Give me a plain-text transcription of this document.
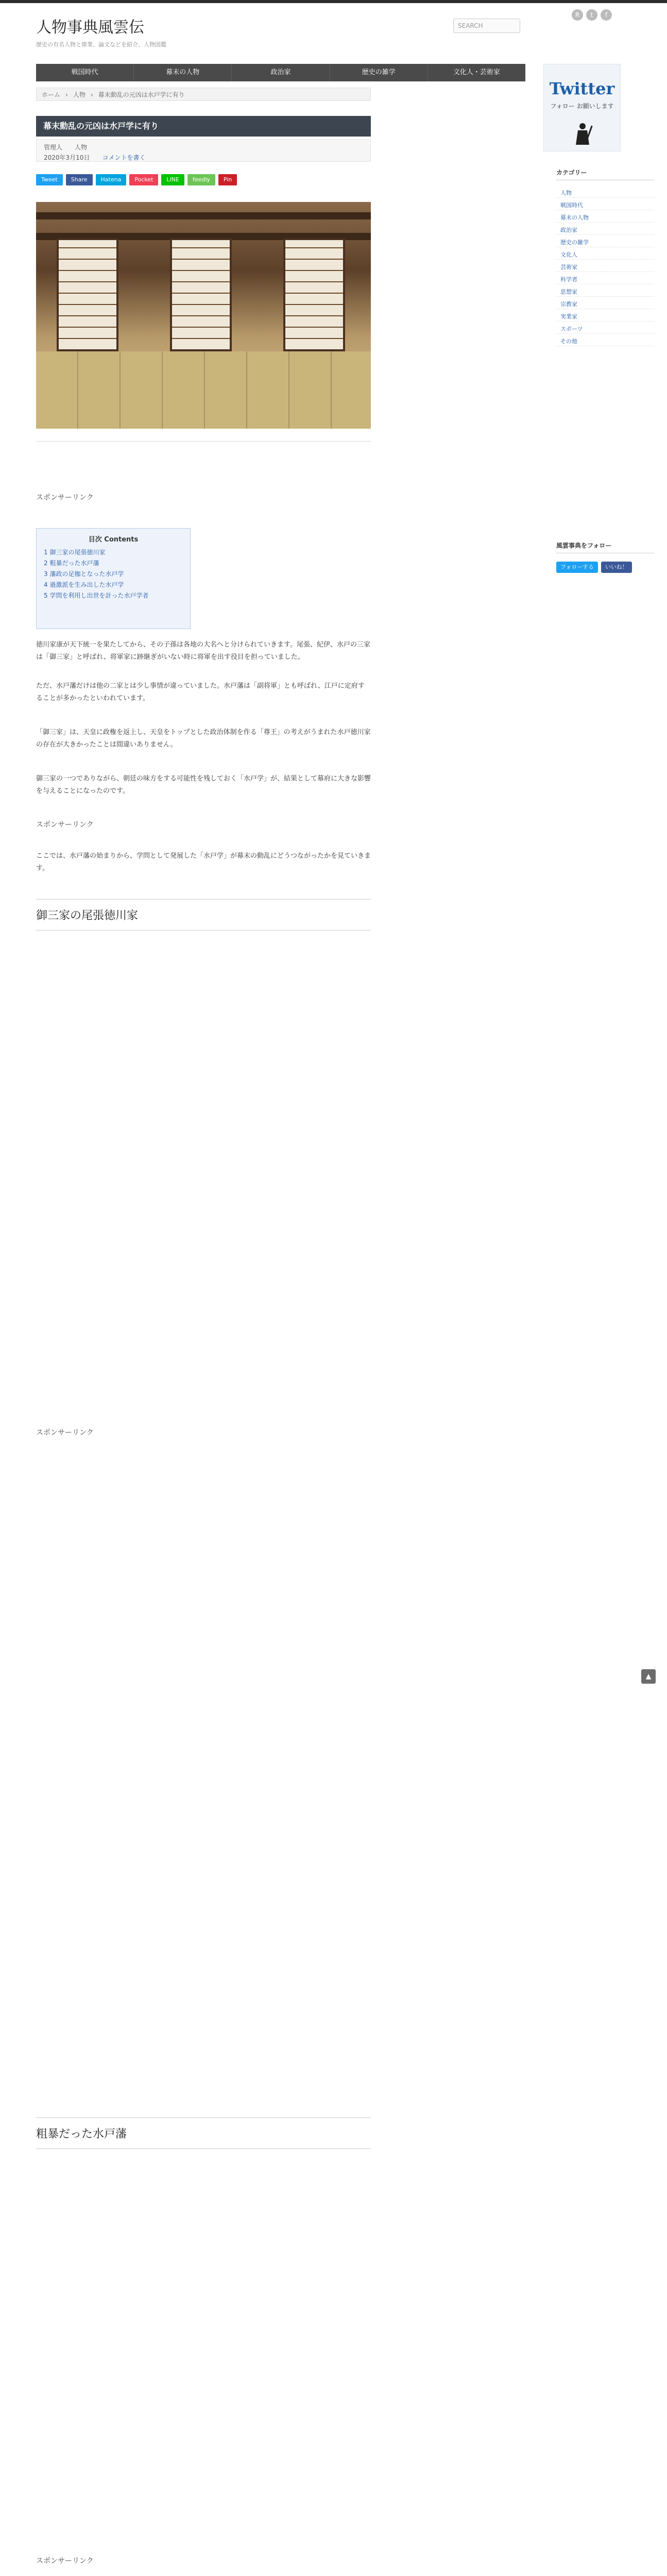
人物事典風雲伝
歴史の有名人物と偉業、論文などを紹介、人物図鑑
SEARCH
R	t	f
戦国時代	幕末の人物	政治家	歴史の雑学	文化人・芸術家
Twitter
フォロー お願いします
ホーム › 人物 › 幕末動乱の元凶は水戸学に有り
幕末動乱の元凶は水戸学に有り
管理人 人物
2020年3月10日 コメントを書く
Tweet	Share	Hatena	Pocket	LINE	feedly	Pin
スポンサーリンク
目次 Contents
1 御三家の尾張徳川家
2 粗暴だった水戸藩
3 藩政の足枷となった水戸学
4 過激派を生み出した水戸学
5 学問を利用し出世を計った水戸学者
徳川家康が天下統一を果たしてから、その子孫は各地の大名へと分けられていきます。尾張、紀伊、水戸の三家は「御三家」と呼ばれ、将軍家に跡継ぎがいない時に将軍を出す役目を担っていました。
ただ、水戸藩だけは他の二家とは少し事情が違っていました。水戸藩は「副将軍」とも呼ばれ、江戸に定府することが多かったといわれています。
「御三家」は、天皇に政権を返上し、天皇をトップとした政治体制を作る「尊王」の考えがうまれた水戸徳川家の存在が大きかったことは間違いありません。
御三家の一つでありながら、朝廷の味方をする可能性を残しておく「水戸学」が、結果として幕府に大きな影響を与えることになったのです。
スポンサーリンク
ここでは、水戸藩の始まりから、学問として発展した「水戸学」が幕末の動乱にどうつながったかを見ていきます。
御三家の尾張徳川家
スポンサーリンク
粗暴だった水戸藩
スポンサーリンク
カテゴリー
人物
戦国時代
幕末の人物
政治家
歴史の雑学
文化人
芸術家
科学者
思想家
宗教家
実業家
スポーツ
その他
風雲事典をフォロー
フォローする	いいね！
▲
